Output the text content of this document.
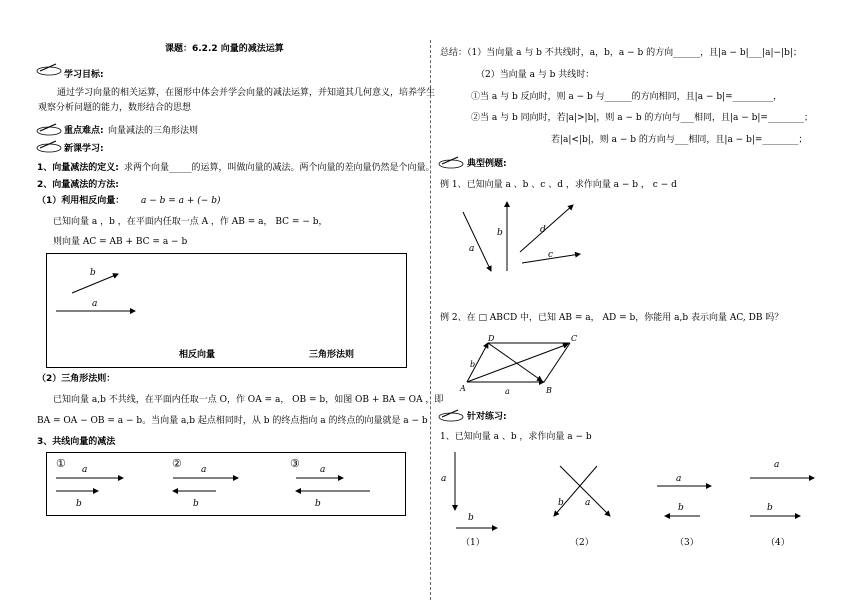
课题：6.2.2 向量的减法运算
学习目标:
通过学习向量的相关运算，在图形中体会并学会向量的减法运算，并知道其几何意义，培养学生
观察分析问题的能力，数形结合的思想
重点难点: 向量减法的三角形法则
新课学习:
1、向量减法的定义: 求两个向量_____的运算，叫做向量的减法。两个向量的差向量仍然是个向量。
2、向量减法的方法:
（1）利用相反向量： a − b = a + (− b)
已知向量 a ，b ，在平面内任取一点 A ，作 AB = a， BC = − b，
则向量 AC = AB + BC = a − b
b
a
相反向量	三角形法则
（2）三角形法则：
已知向量 a,b 不共线，在平面内任取一点 O，作 OA = a， OB = b，如图 OB + BA = OA ，即
BA = OA − OB = a − b。当向量 a,b 起点相同时，从 b 的终点指向 a 的终点的向量就是 a − b
3、共线向量的减法
① a
b
② a
b
③ a
b
总结：（1）当向量 a 与 b 不共线时，a，b，a − b 的方向______，且|a − b|___|a|−|b|；
（2）当向量 a 与 b 共线时：
①当 a 与 b 反向时，则 a − b 与______的方向相同，且|a − b|=_________，
②当 a 与 b 同向时，若|a|>|b|，则 a − b 的方向与___相同，且|a − b|=________；
若|a|<|b|，则 a − b 的方向与___相同，且|a − b|=________；
典型例题:
例 1、已知向量 a 、b 、c 、d ，求作向量 a − b ， c − d
a
b	d
c
例 2、在 □ ABCD 中，已知 AB = a， AD = b，你能用 a,b 表示向量 AC, DB 吗？
A	B
C
D
a
b
针对练习:
1、已知向量 a 、b ，求作向量 a − b
a
b
（1）
a
b
（2）
a
b
（3）
a
b
（4）
